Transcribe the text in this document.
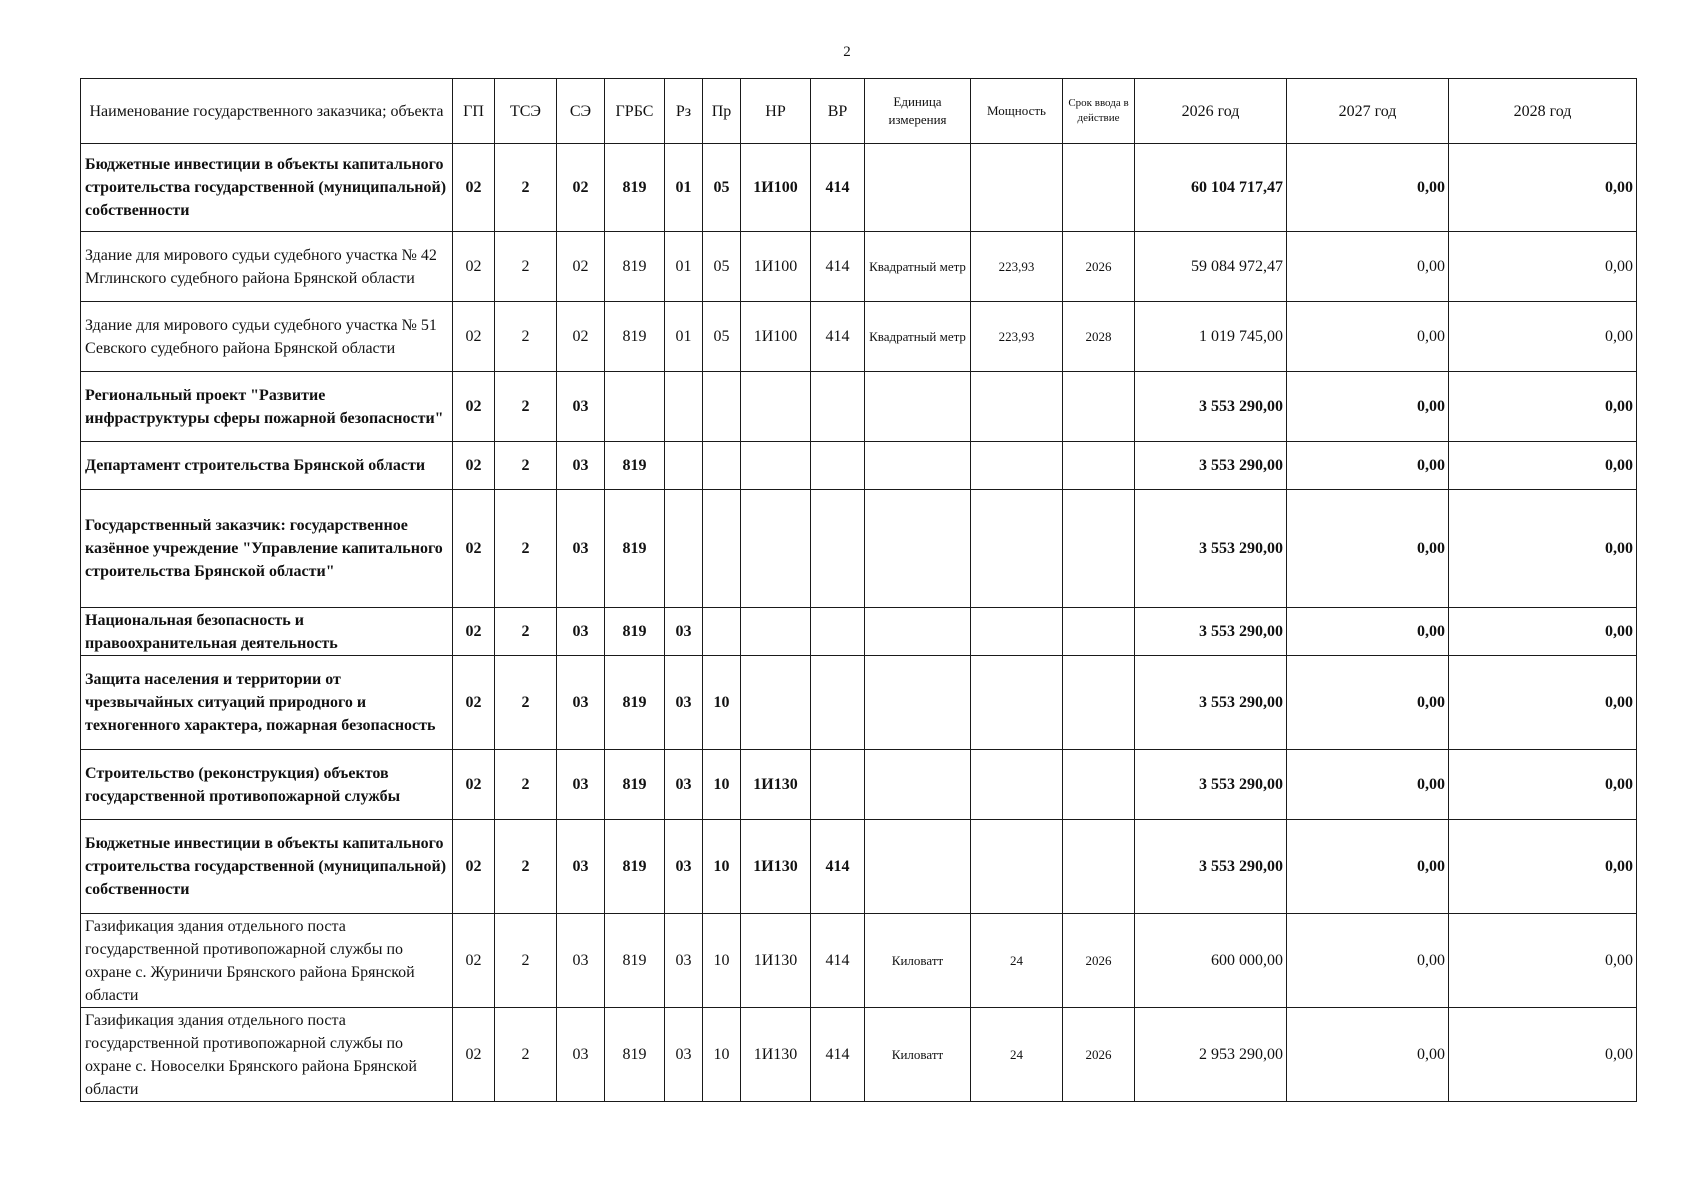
2
Наименование государственного заказчика; объекта	ГП	ТСЭ	СЭ	ГРБС	Рз	Пр	НР	ВР	Единица измерения	Мощность	Срок ввода в действие	2026 год	2027 год	2028 год
Бюджетные инвестиции в объекты капитального строительства государственной (муниципальной) собственности	02	2	02	819	01	05	1И100	414				60 104 717,47	0,00	0,00
Здание для мирового судьи судебного участка № 42 Мглинского судебного района Брянской области	02	2	02	819	01	05	1И100	414	Квадратный метр	223,93	2026	59 084 972,47	0,00	0,00
Здание для мирового судьи судебного участка № 51 Севского судебного района Брянской области	02	2	02	819	01	05	1И100	414	Квадратный метр	223,93	2028	1 019 745,00	0,00	0,00
Региональный проект "Развитие инфраструктуры сферы пожарной безопасности"	02	2	03									3 553 290,00	0,00	0,00
Департамент строительства Брянской области	02	2	03	819								3 553 290,00	0,00	0,00
Государственный заказчик: государственное казённое учреждение "Управление капитального строительства Брянской области"	02	2	03	819								3 553 290,00	0,00	0,00
Национальная безопасность и правоохранительная деятельность	02	2	03	819	03							3 553 290,00	0,00	0,00
Защита населения и территории от чрезвычайных ситуаций природного и техногенного характера, пожарная безопасность	02	2	03	819	03	10						3 553 290,00	0,00	0,00
Строительство (реконструкция) объектов государственной противопожарной службы	02	2	03	819	03	10	1И130					3 553 290,00	0,00	0,00
Бюджетные инвестиции в объекты капитального строительства государственной (муниципальной) собственности	02	2	03	819	03	10	1И130	414				3 553 290,00	0,00	0,00
Газификация здания отдельного поста государственной противопожарной службы по охране с. Журиничи Брянского района Брянской области	02	2	03	819	03	10	1И130	414	Киловатт	24	2026	600 000,00	0,00	0,00
Газификация здания отдельного поста государственной противопожарной службы по охране с. Новоселки Брянского района Брянской области	02	2	03	819	03	10	1И130	414	Киловатт	24	2026	2 953 290,00	0,00	0,00
